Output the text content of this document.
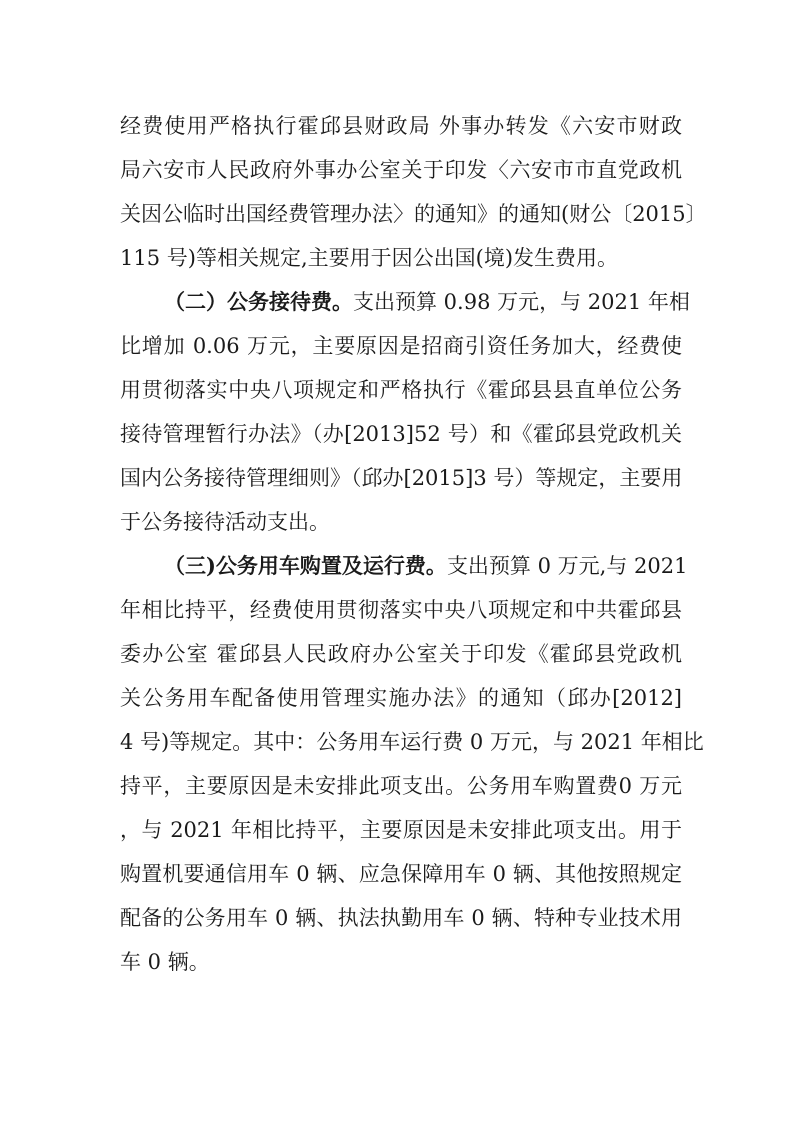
经费使用严格执行霍邱县财政局 外事办转发《六安市财政
局六安市人民政府外事办公室关于印发〈六安市市直党政机
关因公临时出国经费管理办法〉的通知》的通知(财公〔2015〕
115 号)等相关规定,主要用于因公出国(境)发生费用。
（二）公务接待费。支出预算 0.98 万元，与 2021 年相
比增加 0.06 万元，主要原因是招商引资任务加大，经费使
用贯彻落实中央八项规定和严格执行《霍邱县县直单位公务
接待管理暂行办法》（办[2013]52 号）和《霍邱县党政机关
国内公务接待管理细则》（邱办[2015]3 号）等规定，主要用
于公务接待活动支出。
（三)公务用车购置及运行费。支出预算 0 万元,与 2021
年相比持平，经费使用贯彻落实中央八项规定和中共霍邱县
委办公室 霍邱县人民政府办公室关于印发《霍邱县党政机
关公务用车配备使用管理实施办法》的通知（邱办[2012]
4 号)等规定。其中：公务用车运行费 0 万元，与 2021 年相比
持平，主要原因是未安排此项支出。公务用车购置费0 万元
，与 2021 年相比持平，主要原因是未安排此项支出。用于
购置机要通信用车 0 辆、应急保障用车 0 辆、其他按照规定
配备的公务用车 0 辆、执法执勤用车 0 辆、特种专业技术用
车 0 辆。
